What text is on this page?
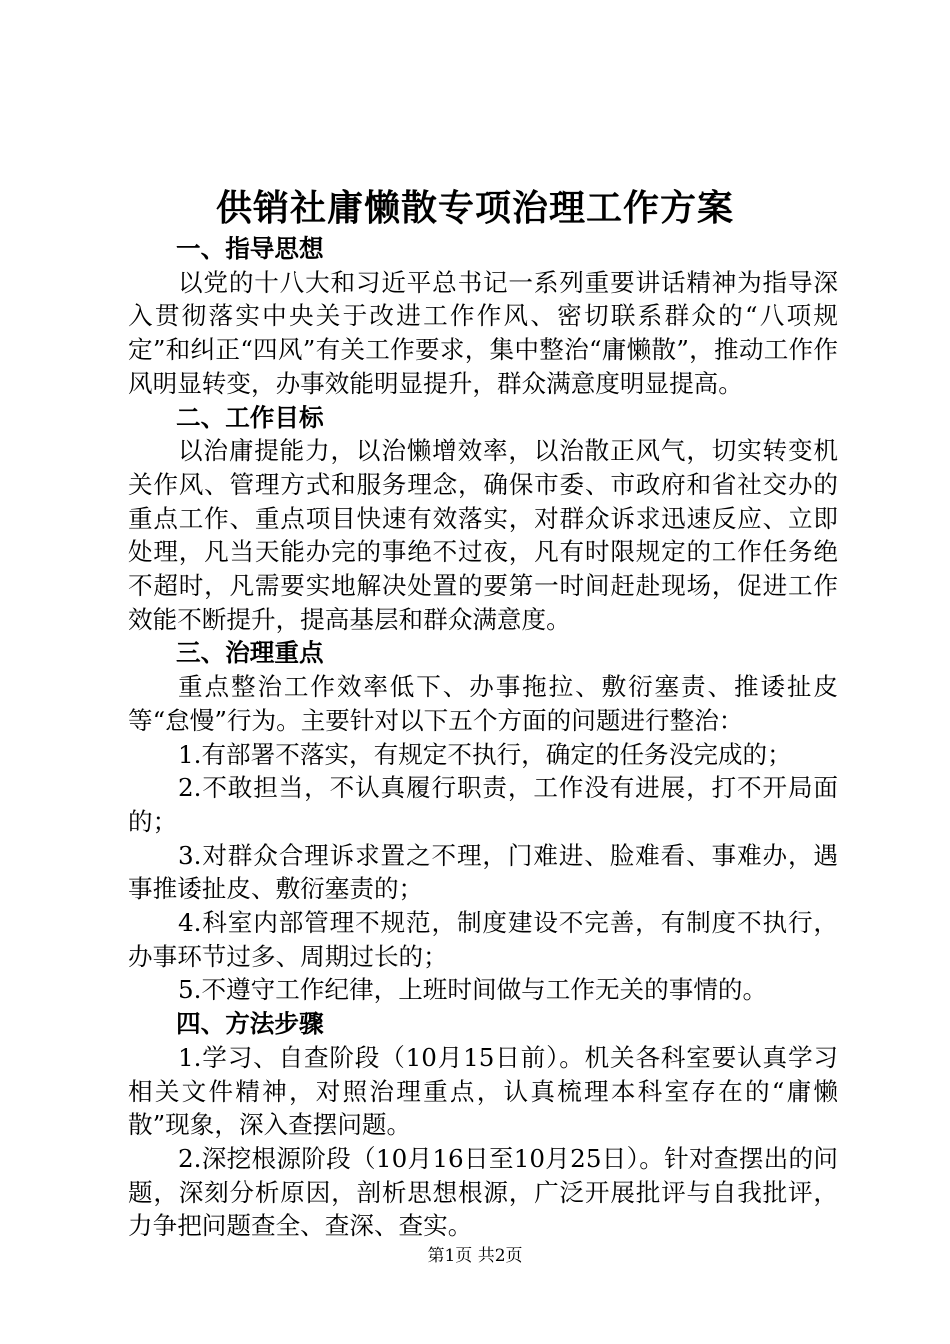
供销社庸懒散专项治理工作方案

一、指导思想

以党的十八大和习近平总书记一系列重要讲话精神为指导深入贯彻落实中央关于改进工作作风、密切联系群众的“八项规定”和纠正“四风”有关工作要求，集中整治“庸懒散”，推动工作作风明显转变，办事效能明显提升，群众满意度明显提高。

二、工作目标

以治庸提能力，以治懒增效率，以治散正风气，切实转变机关作风、管理方式和服务理念，确保市委、市政府和省社交办的重点工作、重点项目快速有效落实，对群众诉求迅速反应、立即处理，凡当天能办完的事绝不过夜，凡有时限规定的工作任务绝不超时，凡需要实地解决处置的要第一时间赶赴现场，促进工作效能不断提升，提高基层和群众满意度。

三、治理重点

重点整治工作效率低下、办事拖拉、敷衍塞责、推诿扯皮等“怠慢”行为。主要针对以下五个方面的问题进行整治：

1.有部署不落实，有规定不执行，确定的任务没完成的；

2.不敢担当，不认真履行职责，工作没有进展，打不开局面的；

3.对群众合理诉求置之不理，门难进、脸难看、事难办，遇事推诿扯皮、敷衍塞责的；

4.科室内部管理不规范，制度建设不完善，有制度不执行，办事环节过多、周期过长的；

5.不遵守工作纪律，上班时间做与工作无关的事情的。

四、方法步骤

1.学习、自查阶段（10月15日前）。机关各科室要认真学习相关文件精神，对照治理重点，认真梳理本科室存在的“庸懒散”现象，深入查摆问题。

2.深挖根源阶段（10月16日至10月25日）。针对查摆出的问题，深刻分析原因，剖析思想根源，广泛开展批评与自我批评，力争把问题查全、查深、查实。

第1页 共2页
